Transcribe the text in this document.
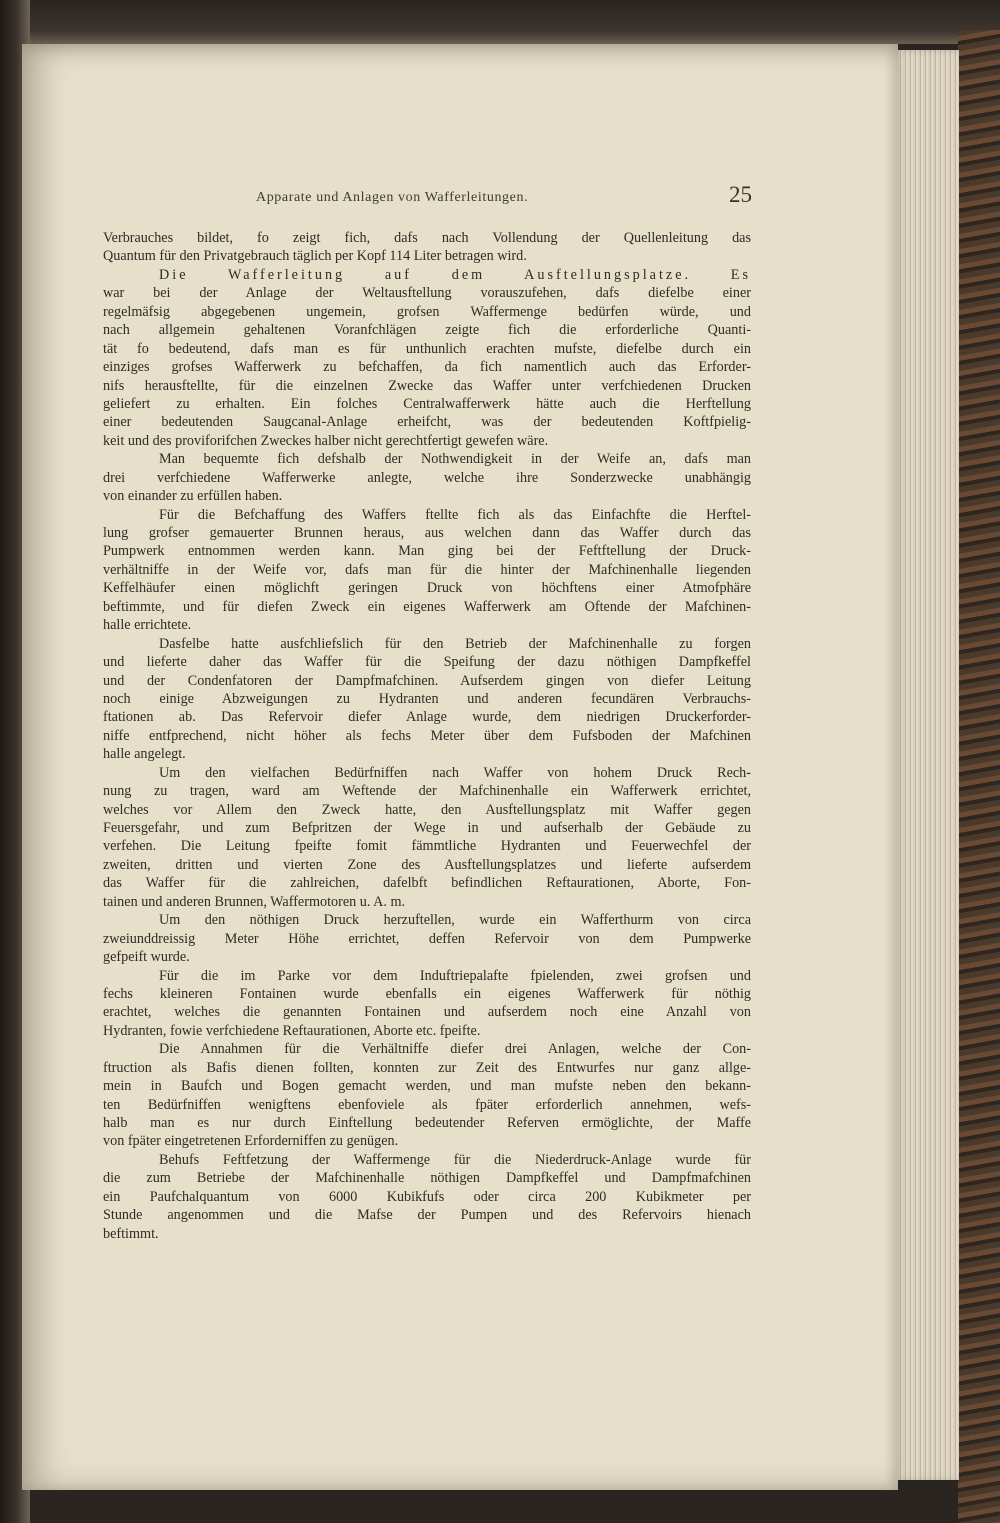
Apparate und Anlagen von Wafferleitungen.	25
Verbrauches bildet, fo zeigt fich, dafs nach Vollendung der Quellenleitung das
Quantum für den Privatgebrauch täglich per Kopf 114 Liter betragen wird.
Die Wafferleitung auf dem Ausftellungsplatze. Es
war bei der Anlage der Weltausftellung vorauszufehen, dafs diefelbe einer
regelmäfsig abgegebenen ungemein, grofsen Waffermenge bedürfen würde, und
nach allgemein gehaltenen Voranfchlägen zeigte fich die erforderliche Quanti-
tät fo bedeutend, dafs man es für unthunlich erachten mufste, diefelbe durch ein
einziges grofses Wafferwerk zu befchaffen, da fich namentlich auch das Erforder-
nifs herausftellte, für die einzelnen Zwecke das Waffer unter verfchiedenen Drucken
geliefert zu erhalten. Ein folches Centralwafferwerk hätte auch die Herftellung
einer bedeutenden Saugcanal-Anlage erheifcht, was der bedeutenden Koftfpielig-
keit und des proviforifchen Zweckes halber nicht gerechtfertigt gewefen wäre.
Man bequemte fich defshalb der Nothwendigkeit in der Weife an, dafs man
drei verfchiedene Wafferwerke anlegte, welche ihre Sonderzwecke unabhängig
von einander zu erfüllen haben.
Für die Befchaffung des Waffers ftellte fich als das Einfachfte die Herftel-
lung grofser gemauerter Brunnen heraus, aus welchen dann das Waffer durch das
Pumpwerk entnommen werden kann. Man ging bei der Feftftellung der Druck-
verhältniffe in der Weife vor, dafs man für die hinter der Mafchinenhalle liegenden
Keffelhäufer einen möglichft geringen Druck von höchftens einer Atmofphäre
beftimmte, und für diefen Zweck ein eigenes Wafferwerk am Oftende der Mafchinen-
halle errichtete.
Dasfelbe hatte ausfchliefslich für den Betrieb der Mafchinenhalle zu forgen
und lieferte daher das Waffer für die Speifung der dazu nöthigen Dampfkeffel
und der Condenfatoren der Dampfmafchinen. Aufserdem gingen von diefer Leitung
noch einige Abzweigungen zu Hydranten und anderen fecundären Verbrauchs-
ftationen ab. Das Refervoir diefer Anlage wurde, dem niedrigen Druckerforder-
niffe entfprechend, nicht höher als fechs Meter über dem Fufsboden der Mafchinen
halle angelegt.
Um den vielfachen Bedürfniffen nach Waffer von hohem Druck Rech-
nung zu tragen, ward am Weftende der Mafchinenhalle ein Wafferwerk errichtet,
welches vor Allem den Zweck hatte, den Ausftellungsplatz mit Waffer gegen
Feuersgefahr, und zum Befpritzen der Wege in und aufserhalb der Gebäude zu
verfehen. Die Leitung fpeifte fomit fämmtliche Hydranten und Feuerwechfel der
zweiten, dritten und vierten Zone des Ausftellungsplatzes und lieferte aufserdem
das Waffer für die zahlreichen, dafelbft befindlichen Reftaurationen, Aborte, Fon-
tainen und anderen Brunnen, Waffermotoren u. A. m.
Um den nöthigen Druck herzuftellen, wurde ein Wafferthurm von circa
zweiunddreissig Meter Höhe errichtet, deffen Refervoir von dem Pumpwerke
gefpeift wurde.
Für die im Parke vor dem Induftriepalafte fpielenden, zwei grofsen und
fechs kleineren Fontainen wurde ebenfalls ein eigenes Wafferwerk für nöthig
erachtet, welches die genannten Fontainen und aufserdem noch eine Anzahl von
Hydranten, fowie verfchiedene Reftaurationen, Aborte etc. fpeifte.
Die Annahmen für die Verhältniffe diefer drei Anlagen, welche der Con-
ftruction als Bafis dienen follten, konnten zur Zeit des Entwurfes nur ganz allge-
mein in Baufch und Bogen gemacht werden, und man mufste neben den bekann-
ten Bedürfniffen wenigftens ebenfoviele als fpäter erforderlich annehmen, wefs-
halb man es nur durch Einftellung bedeutender Referven ermöglichte, der Maffe
von fpäter eingetretenen Erforderniffen zu genügen.
Behufs Feftfetzung der Waffermenge für die Niederdruck-Anlage wurde für
die zum Betriebe der Mafchinenhalle nöthigen Dampfkeffel und Dampfmafchinen
ein Paufchalquantum von 6000 Kubikfufs oder circa 200 Kubikmeter per
Stunde angenommen und die Mafse der Pumpen und des Refervoirs hienach
beftimmt.
